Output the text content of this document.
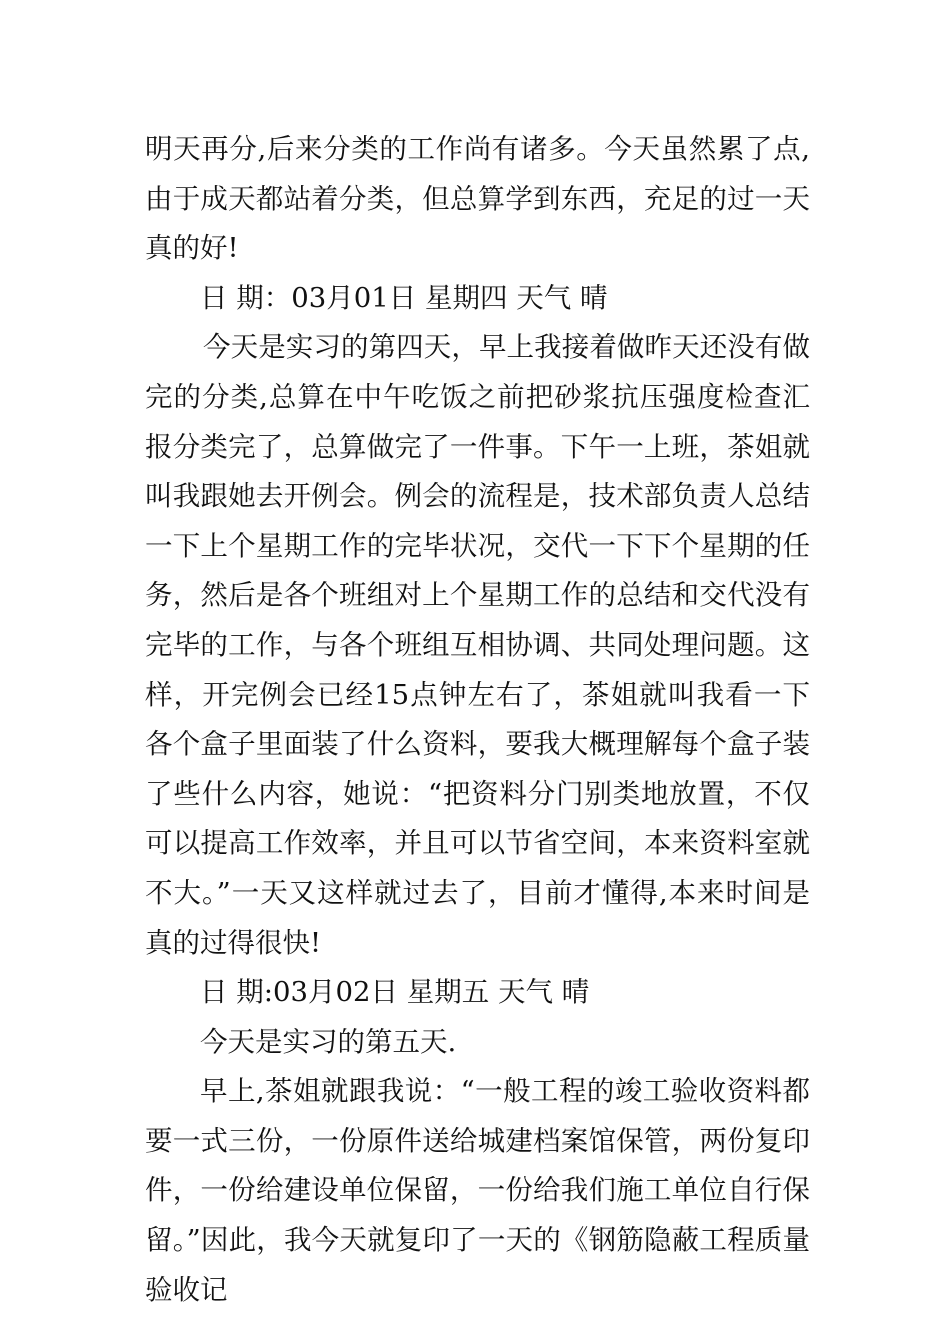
明天再分,后来分类的工作尚有诸多。今天虽然累了点,由于成天都站着分类，但总算学到东西，充足的过一天真的好!

日 期：03月01日 星期四 天气 晴

今天是实习的第四天，早上我接着做昨天还没有做完的分类,总算在中午吃饭之前把砂浆抗压强度检查汇报分类完了，总算做完了一件事。下午一上班，茶姐就叫我跟她去开例会。例会的流程是，技术部负责人总结一下上个星期工作的完毕状况，交代一下下个星期的任务，然后是各个班组对上个星期工作的总结和交代没有完毕的工作，与各个班组互相协调、共同处理问题。这样，开完例会已经15点钟左右了，茶姐就叫我看一下各个盒子里面装了什么资料，要我大概理解每个盒子装了些什么内容，她说：“把资料分门别类地放置，不仅可以提高工作效率，并且可以节省空间，本来资料室就不大。”一天又这样就过去了，目前才懂得,本来时间是真的过得很快!

日 期:03月02日 星期五 天气 晴

今天是实习的第五天.

早上,茶姐就跟我说：“一般工程的竣工验收资料都要一式三份，一份原件送给城建档案馆保管，两份复印件，一份给建设单位保留，一份给我们施工单位自行保留。”因此，我今天就复印了一天的《钢筋隐蔽工程质量验收记
